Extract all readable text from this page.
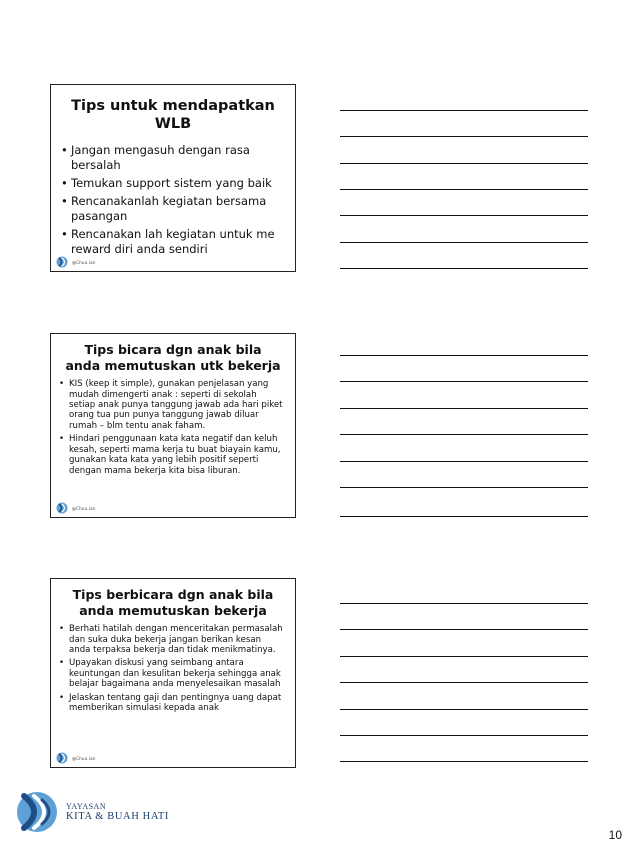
Tips untuk mendapatkan WLB
• Jangan mengasuh dengan rasa bersalah
• Temukan support sistem yang baik
• Rencanakanlah kegiatan bersama pasangan
• Rencanakan lah kegiatan untuk me reward diri anda sendiri
@Chua.ian
Tips bicara dgn anak bila anda memutuskan utk bekerja
• KIS (keep it simple), gunakan penjelasan yang mudah dimengerti anak : seperti di sekolah setiap anak punya tanggung jawab ada hari piket orang tua pun punya tanggung jawab diluar rumah – blm tentu anak faham.
• Hindari penggunaan kata kata negatif dan keluh kesah, seperti mama kerja tu buat biayain kamu, gunakan kata kata yang lebih positif seperti dengan mama bekerja kita bisa liburan.
@Chua.ian
Tips berbicara dgn anak bila anda memutuskan bekerja
• Berhati hatilah dengan menceritakan permasalah dan suka duka bekerja jangan berikan kesan anda terpaksa bekerja dan tidak menikmatinya.
• Upayakan diskusi yang seimbang antara keuntungan dan kesulitan bekerja sehingga anak belajar bagaimana anda menyelesaikan masalah
• Jelaskan tentang gaji dan pentingnya uang dapat memberikan simulasi kepada anak
@Chua.ian
YAYASAN
KITA & BUAH HATI
10
